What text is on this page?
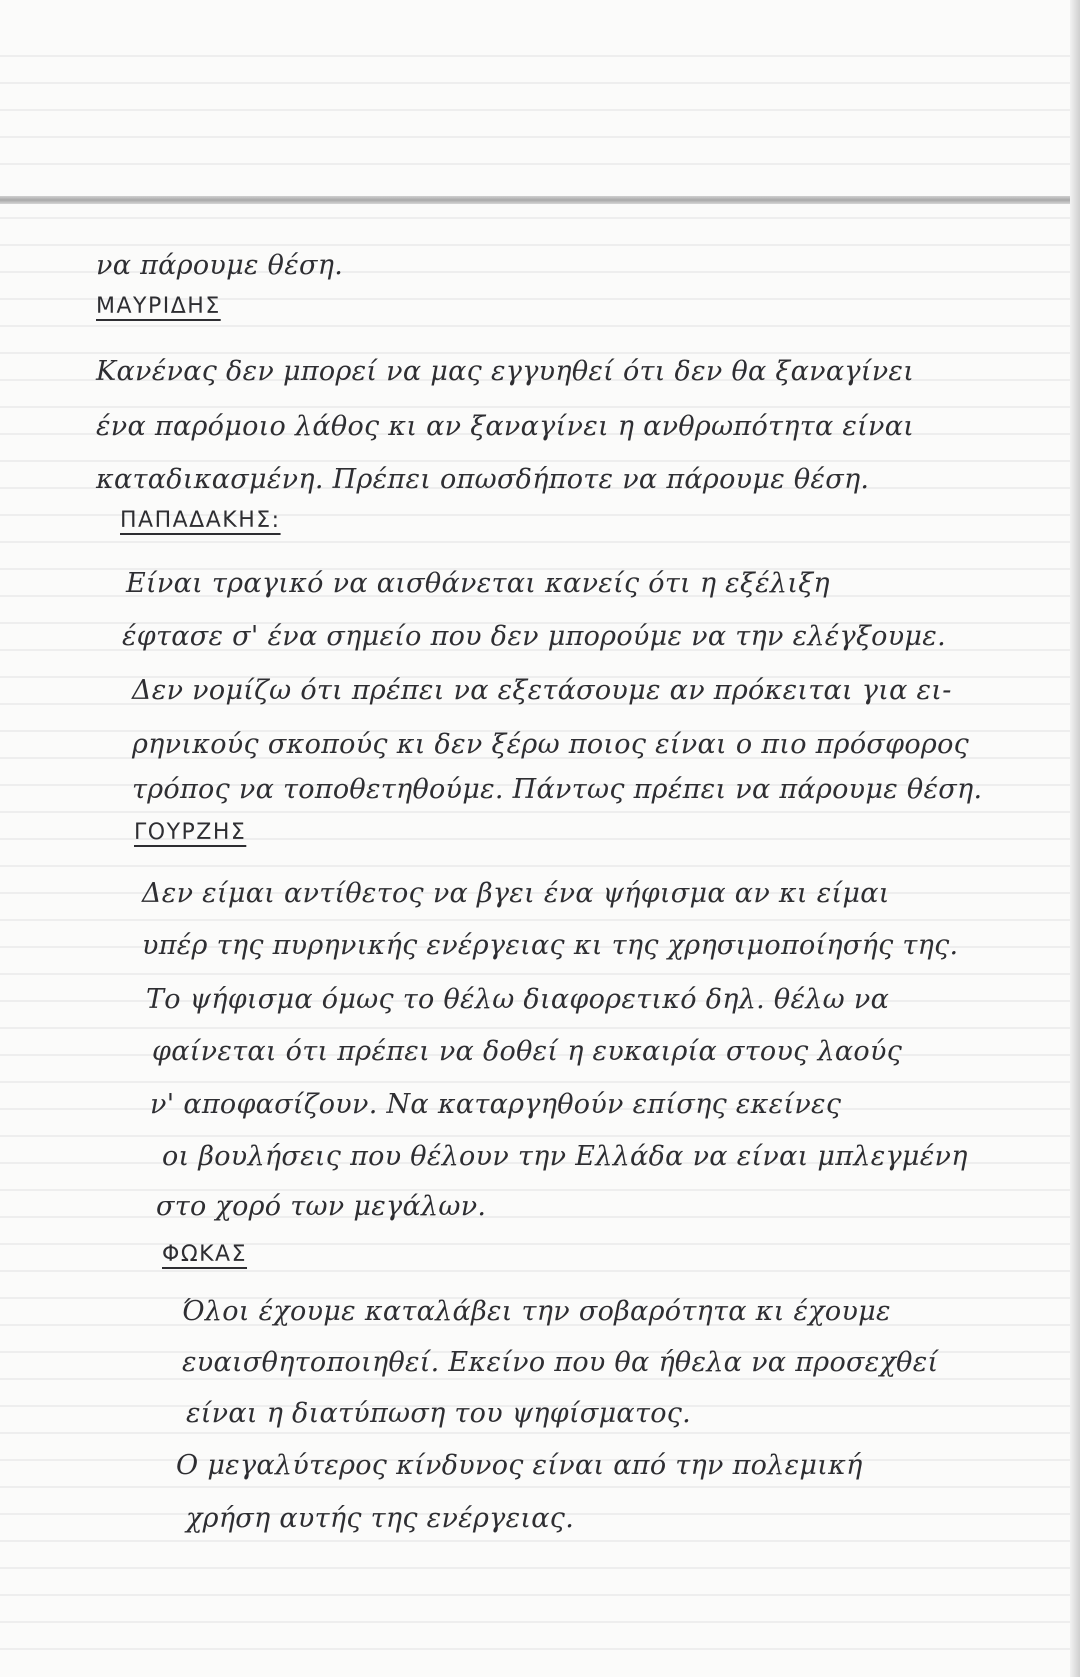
να πάρουμε θέση.

ΜΑΥΡΙΔΗΣ

Κανένας δεν μπορεί να μας εγγυηθεί ότι δεν θα ξαναγίνει

ένα παρόμοιο λάθος κι αν ξαναγίνει η ανθρωπότητα είναι

καταδικασμένη. Πρέπει οπωσδήποτε να πάρουμε θέση.

ΠΑΠΑΔΑΚΗΣ:

Είναι τραγικό να αισθάνεται κανείς ότι η εξέλιξη

έφτασε σ' ένα σημείο που δεν μπορούμε να την ελέγξουμε.

Δεν νομίζω ότι πρέπει να εξετάσουμε αν πρόκειται για ει-

ρηνικούς σκοπούς κι δεν ξέρω ποιος είναι ο πιο πρόσφορος

τρόπος να τοποθετηθούμε. Πάντως πρέπει να πάρουμε θέση.

ΓΟΥΡΖΗΣ

Δεν είμαι αντίθετος να βγει ένα ψήφισμα αν κι είμαι

υπέρ της πυρηνικής ενέργειας κι της χρησιμοποίησής της.

Το ψήφισμα όμως το θέλω διαφορετικό δηλ. θέλω να

φαίνεται ότι πρέπει να δοθεί η ευκαιρία στους λαούς

ν' αποφασίζουν. Να καταργηθούν επίσης εκείνες

οι βουλήσεις που θέλουν την Ελλάδα να είναι μπλεγμένη

στο χορό των μεγάλων.

ΦΩΚΑΣ

Όλοι έχουμε καταλάβει την σοβαρότητα κι έχουμε

ευαισθητοποιηθεί. Εκείνο που θα ήθελα να προσεχθεί

είναι η διατύπωση του ψηφίσματος.

Ο μεγαλύτερος κίνδυνος είναι από την πολεμική

χρήση αυτής της ενέργειας.
